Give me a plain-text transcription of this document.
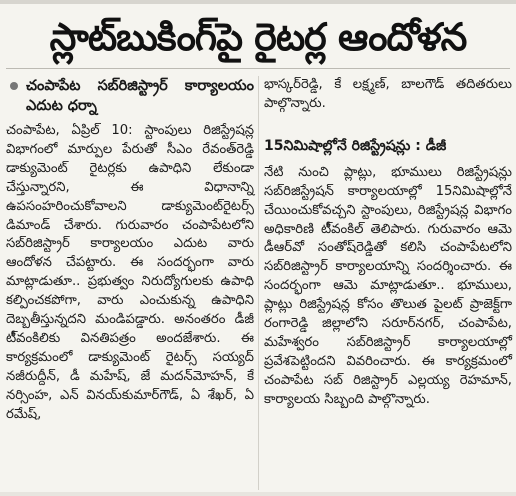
స్లాట్‌బుకింగ్‌పై రైటర్ల ఆందోళన
చంపాపేట సబ్‌రిజిస్ట్రార్ కార్యాలయం ఎదుట ధర్నా

చంపాపేట, ఏప్రిల్ 10: స్టాంపులు రిజిస్ట్రేషన్ల విభాగంలో మార్పుల పేరుతో సీఎం రేవంత్‌రెడ్డి డాక్యుమెంట్ రైటర్లకు ఉపాధిని లేకుండా చేస్తున్నారని, ఈ విధానాన్ని ఉపసంహరించుకోవాలని డాక్యుమెంట్‌రైటర్స్ డిమాండ్ చేశారు. గురువారం చంపాపేటలోని సబ్‌రిజిస్ట్రార్ కార్యాలయం ఎదుట వారు ఆందోళన చేపట్టారు. ఈ సందర్భంగా వారు మాట్లాడుతూ.. ప్రభుత్వం నిరుద్యోగులకు ఉపాధి కల్పించకపోగా, వారు ఎంచుకున్న ఉపాధిని దెబ్బతీస్తున్నదని మండిపడ్డారు. అనంతరం డీజీ టీ్వంకిలికు వినతిపత్రం అందజేశారు. ఈ కార్యక్రమంలో డాక్యుమెంట్ రైటర్స్ సయ్యద్ నజీరుద్దీన్, డీ మహేష్, జే మదన్‌మోహన్, కే నర్సింహ, ఎన్ వినయ్‌కుమార్‌గౌడ్, ఏ శేఖర్, ఏ రమేష్,

భాస్కర్‌రెడ్డి, కే లక్ష్మణ్, బాలగౌడ్ తదితరులు పాల్గొన్నారు.

15నిమిషాల్లోనే రిజిస్ట్రేషన్లు : డీజీ

నేటి నుంచి ప్లాట్లు, భూములు రిజిస్ట్రేషన్లు సబ్‌రిజిస్ట్రేషన్ కార్యాలయాల్లో 15నిమిషాల్లోనే చేయించుకోవచ్చని స్టాంపులు, రిజిస్ట్రేషన్ల విభాగం అధికారిణి టీ్వంకిల్ తెలిపారు. గురువారం ఆమె డీఆర్‌వో సంతోష్‌రెడ్డితో కలిసి చంపాపేటలోని సబ్‌రిజిస్ట్రార్ కార్యాలయాన్ని సందర్శించారు. ఈ సందర్భంగా ఆమె మాట్లాడుతూ.. భూములు, ప్లాట్లు రిజిస్ట్రేషన్ల కోసం తొలుత పైలట్ ప్రాజెక్ట్‌గా రంగారెడ్డి జిల్లాలోని సరూర్‌నగర్, చంపాపేట, మహేశ్వరం సబ్‌రిజిస్ట్రార్ కార్యాలయాల్లో ప్రవేశపెట్టిందని వివరించారు. ఈ కార్యక్రమంలో చంపాపేట సబ్ రిజిస్ట్రార్ ఎల్లయ్య రెహమాన్, కార్యాలయ సిబ్బంది పాల్గొన్నారు.
